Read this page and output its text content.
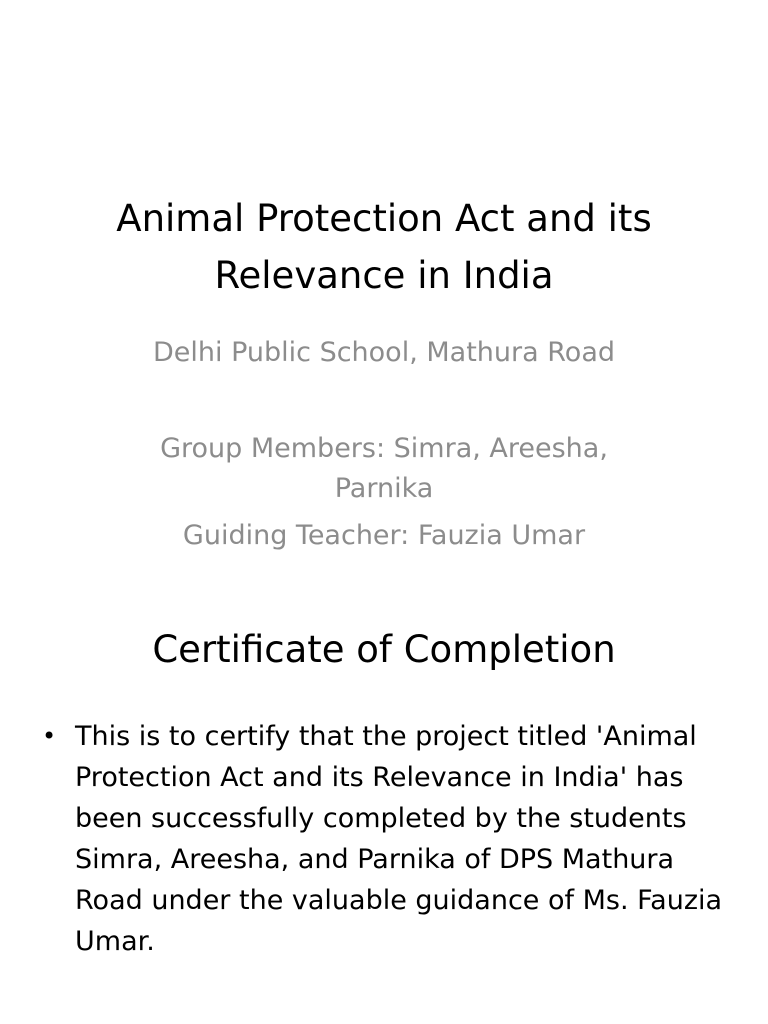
Animal Protection Act and its Relevance in India

Delhi Public School, Mathura Road

Group Members: Simra, Areesha, Parnika

Guiding Teacher: Fauzia Umar

Certificate of Completion
• This is to certify that the project titled 'Animal Protection Act and its Relevance in India' has been successfully completed by the students Simra, Areesha, and Parnika of DPS Mathura Road under the valuable guidance of Ms. Fauzia Umar.
